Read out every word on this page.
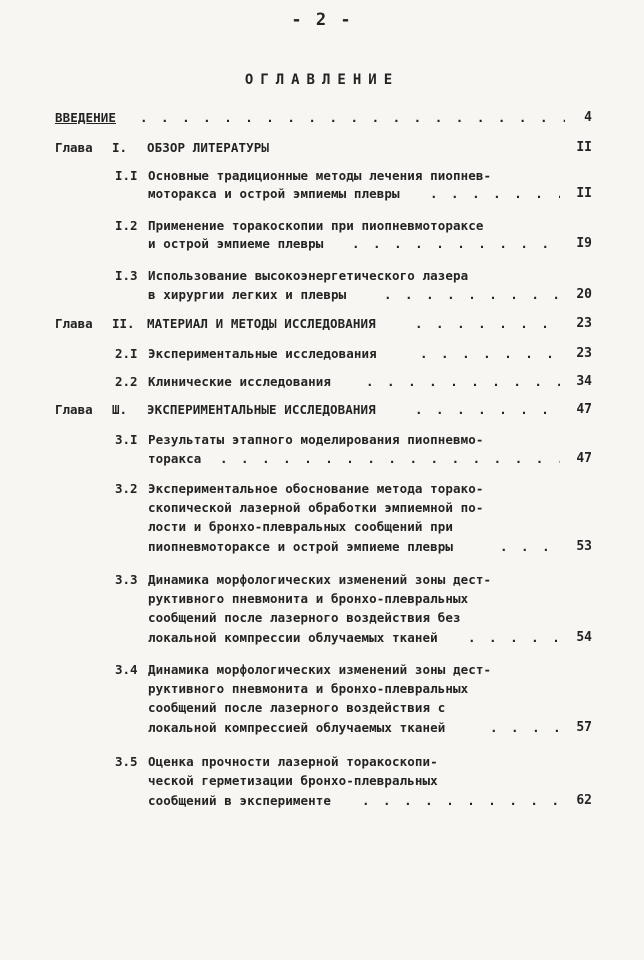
- 2 -
ОГЛАВЛЕНИЕ
ВВЕДЕНИЕ . . .	4
Глава I. ОБЗОР ЛИТЕРАТУРЫ	II
I.I Основные традиционные методы лечения пиопнев-
моторакса и острой эмпиемы плевры . . .	II
I.2 Применение торакоскопии при пиопневмотораксе
и острой эмпиеме плевры . . .	I9
I.3 Использование высокоэнергетического лазера
в хирургии легких и плевры . . .	20
Глава II. МАТЕРИАЛ И МЕТОДЫ ИССЛЕДОВАНИЯ . . .	23
2.I Экспериментальные исследования . . .	23
2.2 Клинические исследования . . .	34
Глава Ш. ЭКСПЕРИМЕНТАЛЬНЫЕ ИССЛЕДОВАНИЯ . . .	47
3.I Результаты этапного моделирования пиопневмо-
торакса . . .	47
3.2 Экспериментальное обоснование метода торако-
скопической лазерной обработки эмпиемной по-
лости и бронхо-плевральных сообщений при
пиопневмотораксе и острой эмпиеме плевры . . .	53
3.3 Динамика морфологических изменений зоны дест-
руктивного пневмонита и бронхо-плевральных
сообщений после лазерного воздействия без
локальной компрессии облучаемых тканей . . .	54
3.4 Динамика морфологических изменений зоны дест-
руктивного пневмонита и бронхо-плевральных
сообщений после лазерного воздействия с
локальной компрессией облучаемых тканей . . .	57
3.5 Оценка прочности лазерной торакоскопи-
ческой герметизации бронхо-плевральных
сообщений в эксперименте . . .	62
